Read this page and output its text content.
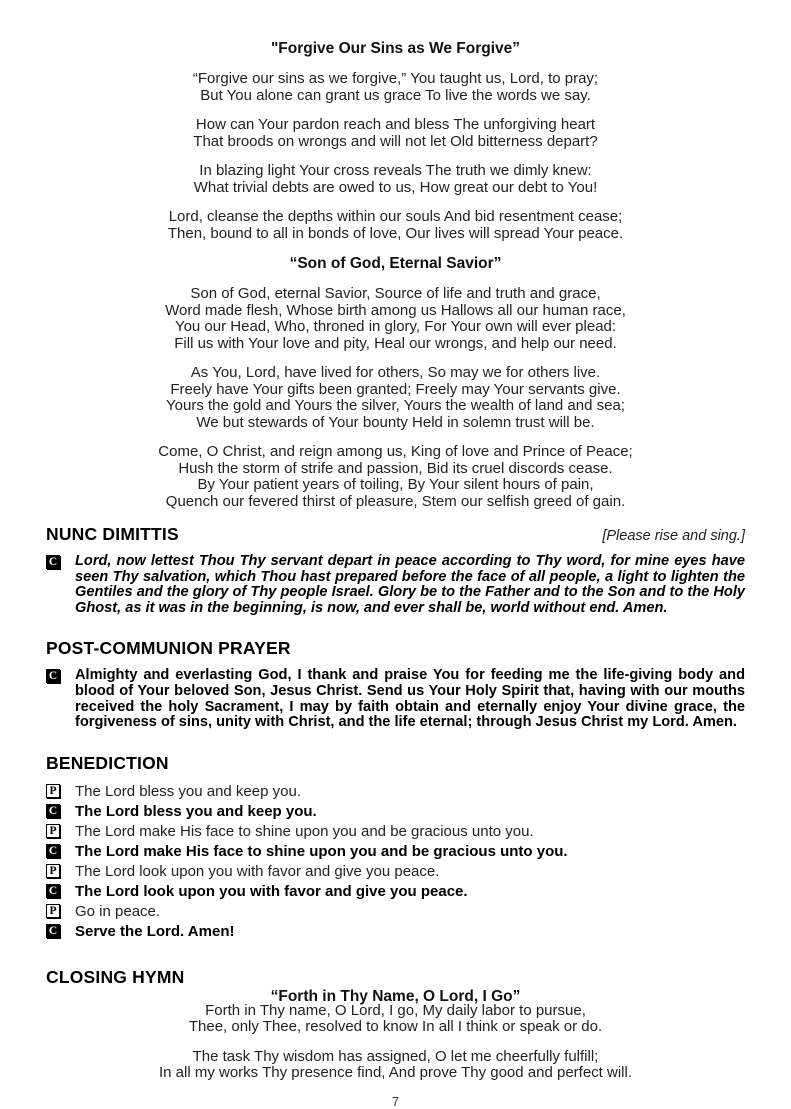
"Forgive Our Sins as We Forgive”
“Forgive our sins as we forgive,” You taught us, Lord, to pray;
But You alone can grant us grace To live the words we say.
How can Your pardon reach and bless The unforgiving heart
That broods on wrongs and will not let Old bitterness depart?
In blazing light Your cross reveals The truth we dimly knew:
What trivial debts are owed to us, How great our debt to You!
Lord, cleanse the depths within our souls And bid resentment cease;
Then, bound to all in bonds of love, Our lives will spread Your peace.
“Son of God, Eternal Savior”
Son of God, eternal Savior, Source of life and truth and grace,
Word made flesh, Whose birth among us Hallows all our human race,
You our Head, Who, throned in glory, For Your own will ever plead:
Fill us with Your love and pity, Heal our wrongs, and help our need.
As You, Lord, have lived for others, So may we for others live.
Freely have Your gifts been granted; Freely may Your servants give.
Yours the gold and Yours the silver, Yours the wealth of land and sea;
We but stewards of Your bounty Held in solemn trust will be.
Come, O Christ, and reign among us, King of love and Prince of Peace;
Hush the storm of strife and passion, Bid its cruel discords cease.
By Your patient years of toiling, By Your silent hours of pain,
Quench our fevered thirst of pleasure, Stem our selfish greed of gain.
NUNC DIMITTIS	[Please rise and sing.]
C Lord, now lettest Thou Thy servant depart in peace according to Thy word, for mine eyes have seen Thy salvation, which Thou hast prepared before the face of all people, a light to lighten the Gentiles and the glory of Thy people Israel. Glory be to the Father and to the Son and to the Holy Ghost, as it was in the beginning, is now, and ever shall be, world without end. Amen.
POST-COMMUNION PRAYER
C Almighty and everlasting God, I thank and praise You for feeding me the life-giving body and blood of Your beloved Son, Jesus Christ. Send us Your Holy Spirit that, having with our mouths received the holy Sacrament, I may by faith obtain and eternally enjoy Your divine grace, the forgiveness of sins, unity with Christ, and the life eternal; through Jesus Christ my Lord. Amen.
BENEDICTION
P The Lord bless you and keep you.
C The Lord bless you and keep you.
P The Lord make His face to shine upon you and be gracious unto you.
C The Lord make His face to shine upon you and be gracious unto you.
P The Lord look upon you with favor and give you peace.
C The Lord look upon you with favor and give you peace.
P Go in peace.
C Serve the Lord. Amen!
CLOSING HYMN
“Forth in Thy Name, O Lord, I Go”
Forth in Thy name, O Lord, I go, My daily labor to pursue,
Thee, only Thee, resolved to know In all I think or speak or do.
The task Thy wisdom has assigned, O let me cheerfully fulfill;
In all my works Thy presence find, And prove Thy good and perfect will.
7
